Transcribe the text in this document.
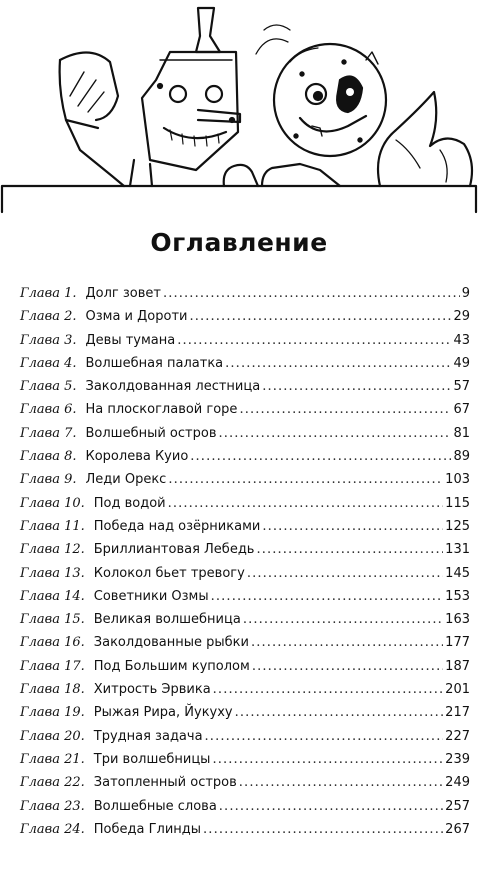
Оглавление
Глава 1. Долг зовет . . .	9
Глава 2. Озма и Дороти . . .	29
Глава 3. Девы тумана . . .	43
Глава 4. Волшебная палатка . . .	49
Глава 5. Заколдованная лестница . . .	57
Глава 6. На плоскоглавой горе . . .	67
Глава 7. Волшебный остров . . .	81
Глава 8. Королева Куио . . .	89
Глава 9. Леди Орекс . . .	103
Глава 10. Под водой . . .	115
Глава 11. Победа над озёрниками . . .	125
Глава 12. Бриллиантовая Лебедь . . .	131
Глава 13. Колокол бьет тревогу . . .	145
Глава 14. Советники Озмы . . .	153
Глава 15. Великая волшебница . . .	163
Глава 16. Заколдованные рыбки . . .	177
Глава 17. Под Большим куполом . . .	187
Глава 18. Хитрость Эрвика . . .	201
Глава 19. Рыжая Рира, Йукуху . . .	217
Глава 20. Трудная задача . . .	227
Глава 21. Три волшебницы . . .	239
Глава 22. Затопленный остров . . .	249
Глава 23. Волшебные слова . . .	257
Глава 24. Победа Глинды . . .	267
